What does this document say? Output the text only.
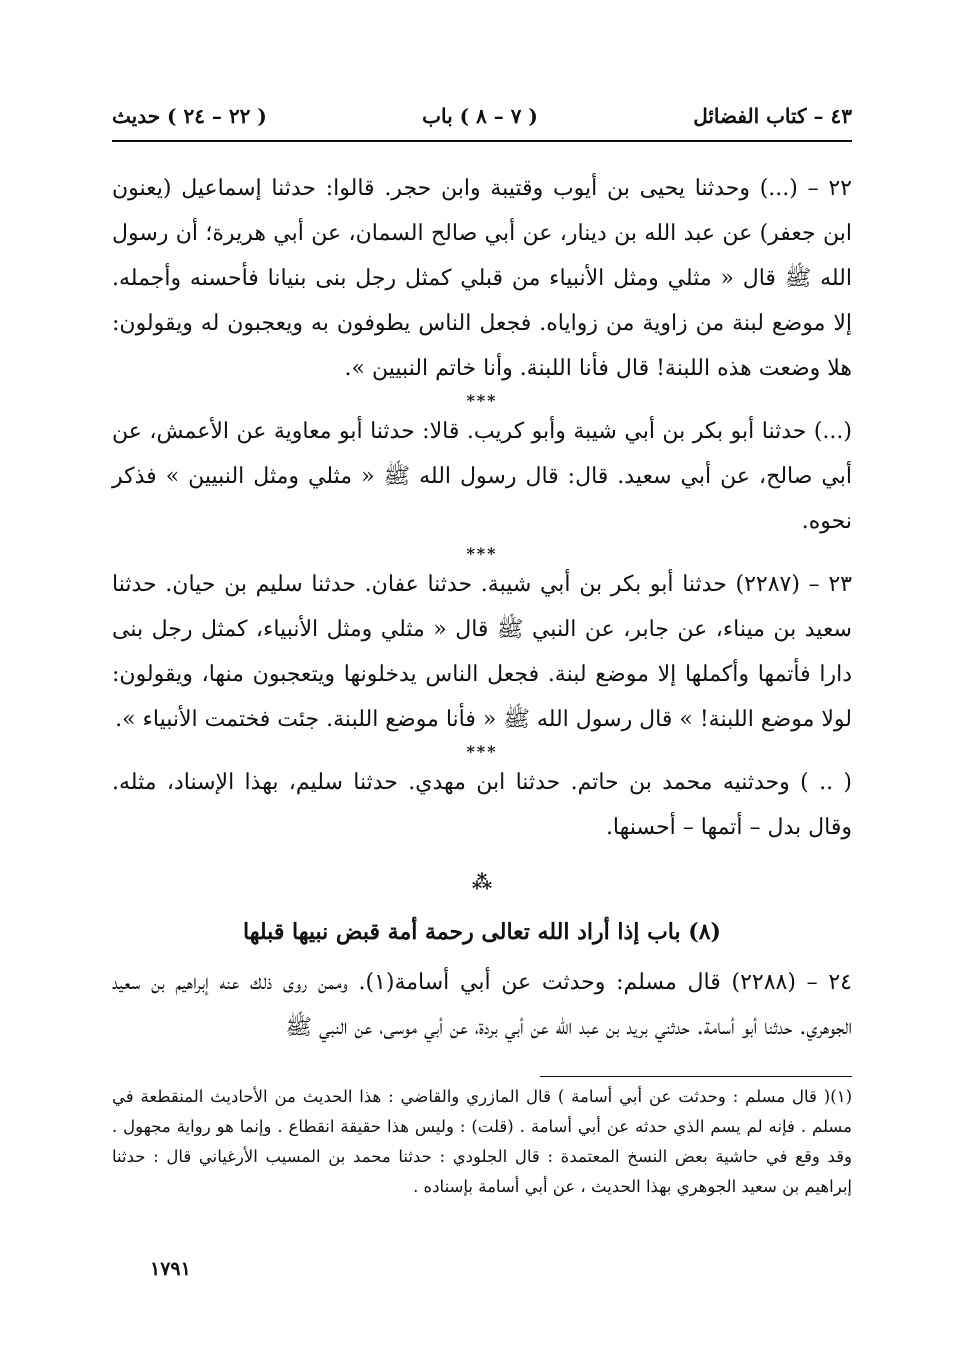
٤٣ – كتاب الفضائل
( ٧ – ٨ ) باب
( ٢٢ – ٢٤ ) حديث

٢٢ – (...) وحدثنا يحيى بن أيوب وقتيبة وابن حجر. قالوا: حدثنا إسماعيل (يعنون ابن جعفر) عن عبد الله بن دينار، عن أبي صالح السمان، عن أبي هريرة؛ أن رسول الله ﷺ قال « مثلي ومثل الأنبياء من قبلي كمثل رجل بنى بنيانا فأحسنه وأجمله. إلا موضع لبنة من زاوية من زواياه. فجعل الناس يطوفون به ويعجبون له ويقولون: هلا وضعت هذه اللبنة! قال فأنا اللبنة. وأنا خاتم النبيين ».

***

(...) حدثنا أبو بكر بن أبي شيبة وأبو كريب. قالا: حدثنا أبو معاوية عن الأعمش، عن أبي صالح، عن أبي سعيد. قال: قال رسول الله ﷺ « مثلي ومثل النبيين » فذكر نحوه.

***

٢٣ – (٢٢٨٧) حدثنا أبو بكر بن أبي شيبة. حدثنا عفان. حدثنا سليم بن حيان. حدثنا سعيد بن ميناء، عن جابر، عن النبي ﷺ قال « مثلي ومثل الأنبياء، كمثل رجل بنى دارا فأتمها وأكملها إلا موضع لبنة. فجعل الناس يدخلونها ويتعجبون منها، ويقولون: لولا موضع اللبنة! » قال رسول الله ﷺ « فأنا موضع اللبنة. جئت فختمت الأنبياء ».

***

( .. ) وحدثنيه محمد بن حاتم. حدثنا ابن مهدي. حدثنا سليم، بهذا الإسناد، مثله. وقال بدل – أتمها – أحسنها.

⁂

(٨) باب إذا أراد الله تعالى رحمة أمة قبض نبيها قبلها

٢٤ – (٢٢٨٨) قال مسلم: وحدثت عن أبي أسامة(١). وممن روى ذلك عنه إبراهيم بن سعيد الجوهري. حدثنا أبو أسامة. حدثني بريد بن عبد الله عن أبي بردة، عن أبي موسى، عن النبي ﷺ

(١)( قال مسلم : وحدثت عن أبي أسامة ) قال المازري والقاضي : هذا الحديث من الأحاديث المنقطعة في مسلم . فإنه لم يسم الذي حدثه عن أبي أسامة . (قلت) : وليس هذا حقيقة انقطاع . وإنما هو رواية مجهول . وقد وقع في حاشية بعض النسخ المعتمدة : قال الجلودي : حدثنا محمد بن المسيب الأرغياني قال : حدثنا إبراهيم بن سعيد الجوهري بهذا الحديث ، عن أبي أسامة بإسناده .

١٧٩١
